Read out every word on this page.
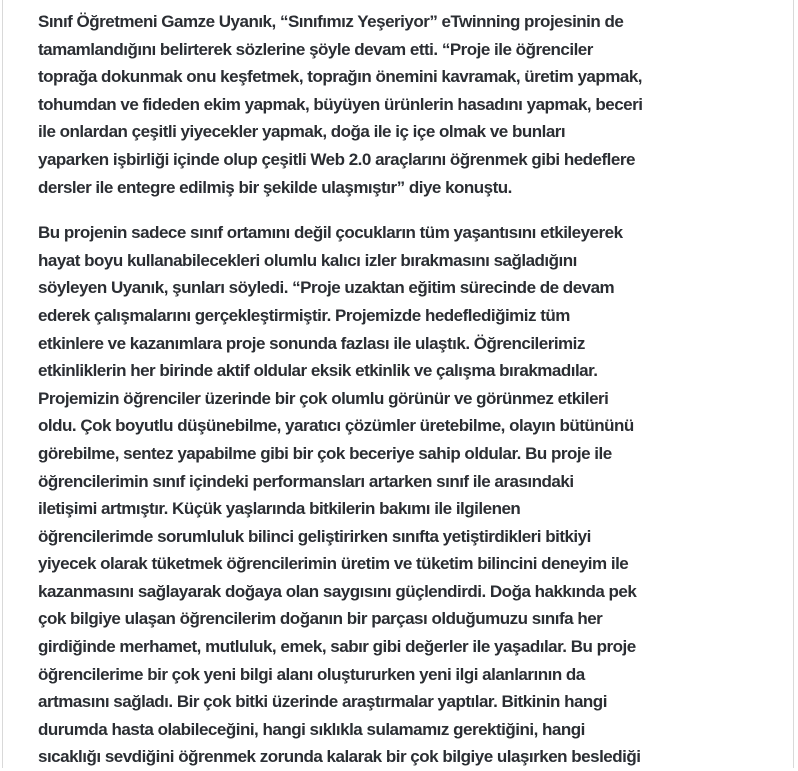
Sınıf Öğretmeni Gamze Uyanık, “Sınıfımız Yeşeriyor” eTwinning projesinin de
tamamlandığını belirterek sözlerine şöyle devam etti. “Proje ile öğrenciler
toprağa dokunmak onu keşfetmek, toprağın önemini kavramak, üretim yapmak,
tohumdan ve fideden ekim yapmak, büyüyen ürünlerin hasadını yapmak, beceri
ile onlardan çeşitli yiyecekler yapmak, doğa ile iç içe olmak ve bunları
yaparken işbirliği içinde olup çeşitli Web 2.0 araçlarını öğrenmek gibi hedeflere
dersler ile entegre edilmiş bir şekilde ulaşmıştır” diye konuştu.
Bu projenin sadece sınıf ortamını değil çocukların tüm yaşantısını etkileyerek
hayat boyu kullanabilecekleri olumlu kalıcı izler bırakmasını sağladığını
söyleyen Uyanık, şunları söyledi. “Proje uzaktan eğitim sürecinde de devam
ederek çalışmalarını gerçekleştirmiştir. Projemizde hedeflediğimiz tüm
etkinlere ve kazanımlara proje sonunda fazlası ile ulaştık. Öğrencilerimiz
etkinliklerin her birinde aktif oldular eksik etkinlik ve çalışma bırakmadılar.
Projemizin öğrenciler üzerinde bir çok olumlu görünür ve görünmez etkileri
oldu. Çok boyutlu düşünebilme, yaratıcı çözümler üretebilme, olayın bütününü
görebilme, sentez yapabilme gibi bir çok beceriye sahip oldular. Bu proje ile
öğrencilerimin sınıf içindeki performansları artarken sınıf ile arasındaki
iletişimi artmıştır. Küçük yaşlarında bitkilerin bakımı ile ilgilenen
öğrencilerimde sorumluluk bilinci geliştirirken sınıfta yetiştirdikleri bitkiyi
yiyecek olarak tüketmek öğrencilerimin üretim ve tüketim bilincini deneyim ile
kazanmasını sağlayarak doğaya olan saygısını güçlendirdi. Doğa hakkında pek
çok bilgiye ulaşan öğrencilerim doğanın bir parçası olduğumuzu sınıfa her
girdiğinde merhamet, mutluluk, emek, sabır gibi değerler ile yaşadılar. Bu proje
öğrencilerime bir çok yeni bilgi alanı oluştururken yeni ilgi alanlarının da
artmasını sağladı. Bir çok bitki üzerinde araştırmalar yaptılar. Bitkinin hangi
durumda hasta olabileceğini, hangi sıklıkla sulamamız gerektiğini, hangi
sıcaklığı sevdiğini öğrenmek zorunda kalarak bir çok bilgiye ulaşırken beslediği
